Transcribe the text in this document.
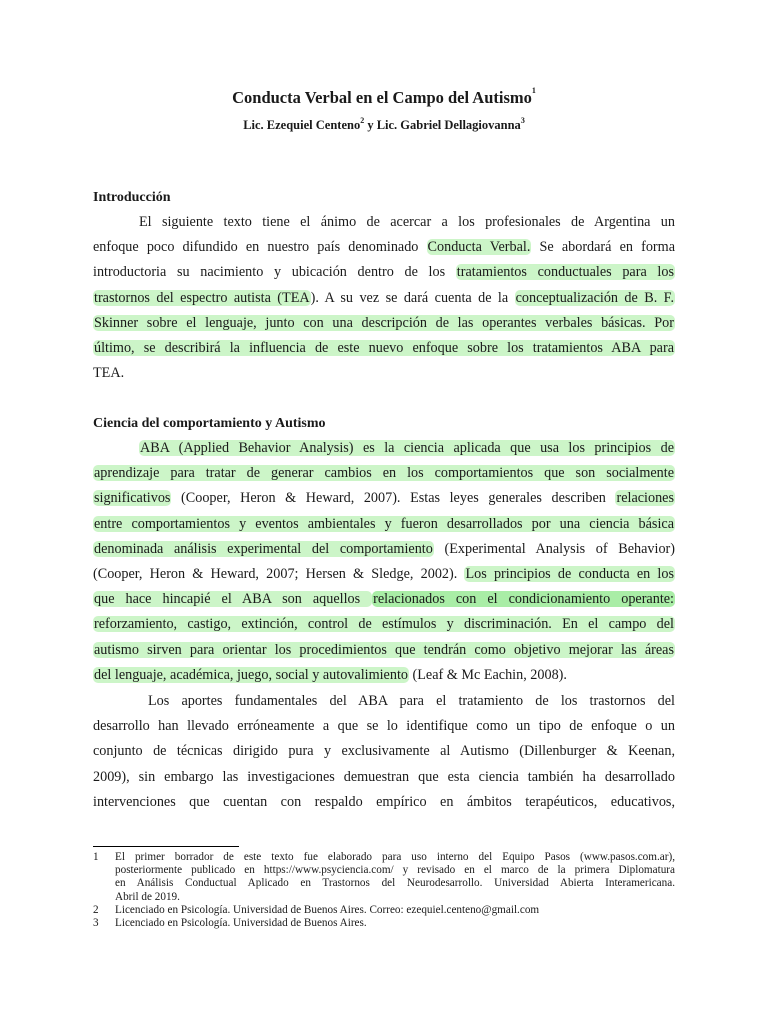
Conducta Verbal en el Campo del Autismo$^1$
Lic. Ezequiel Centeno$^2$ y Lic. Gabriel Dellagiovanna$^3$
Introducción
El siguiente texto tiene el ánimo de acercar a los profesionales de Argentina un
enfoque poco difundido en nuestro país denominado Conducta Verbal. Se abordará en forma
introductoria su nacimiento y ubicación dentro de los tratamientos conductuales para los
trastornos del espectro autista (TEA). A su vez se dará cuenta de la conceptualización de B. F.
Skinner sobre el lenguaje, junto con una descripción de las operantes verbales básicas. Por
último, se describirá la influencia de este nuevo enfoque sobre los tratamientos ABA para
TEA.
Ciencia del comportamiento y Autismo
ABA (Applied Behavior Analysis) es la ciencia aplicada que usa los principios de
aprendizaje para tratar de generar cambios en los comportamientos que son socialmente
significativos (Cooper, Heron & Heward, 2007). Estas leyes generales describen relaciones
entre comportamientos y eventos ambientales y fueron desarrollados por una ciencia básica
denominada análisis experimental del comportamiento (Experimental Analysis of Behavior)
(Cooper, Heron & Heward, 2007; Hersen & Sledge, 2002). Los principios de conducta en los
que hace hincapié el ABA son aquellos relacionados con el condicionamiento operante:
reforzamiento, castigo, extinción, control de estímulos y discriminación. En el campo del
autismo sirven para orientar los procedimientos que tendrán como objetivo mejorar las áreas
del lenguaje, académica, juego, social y autovalimiento (Leaf & Mc Eachin, 2008).
Los aportes fundamentales del ABA para el tratamiento de los trastornos del
desarrollo han llevado erróneamente a que se lo identifique como un tipo de enfoque o un
conjunto de técnicas dirigido pura y exclusivamente al Autismo (Dillenburger & Keenan,
2009), sin embargo las investigaciones demuestran que esta ciencia también ha desarrollado
intervenciones que cuentan con respaldo empírico en ámbitos terapéuticos, educativos,
1	El primer borrador de este texto fue elaborado para uso interno del Equipo Pasos (www.pasos.com.ar),
posteriormente publicado en https://www.psyciencia.com/ y revisado en el marco de la primera Diplomatura
en Análisis Conductual Aplicado en Trastornos del Neurodesarrollo. Universidad Abierta Interamericana.
Abril de 2019.
2	Licenciado en Psicología. Universidad de Buenos Aires. Correo: ezequiel.centeno@gmail.com
3	Licenciado en Psicología. Universidad de Buenos Aires.
